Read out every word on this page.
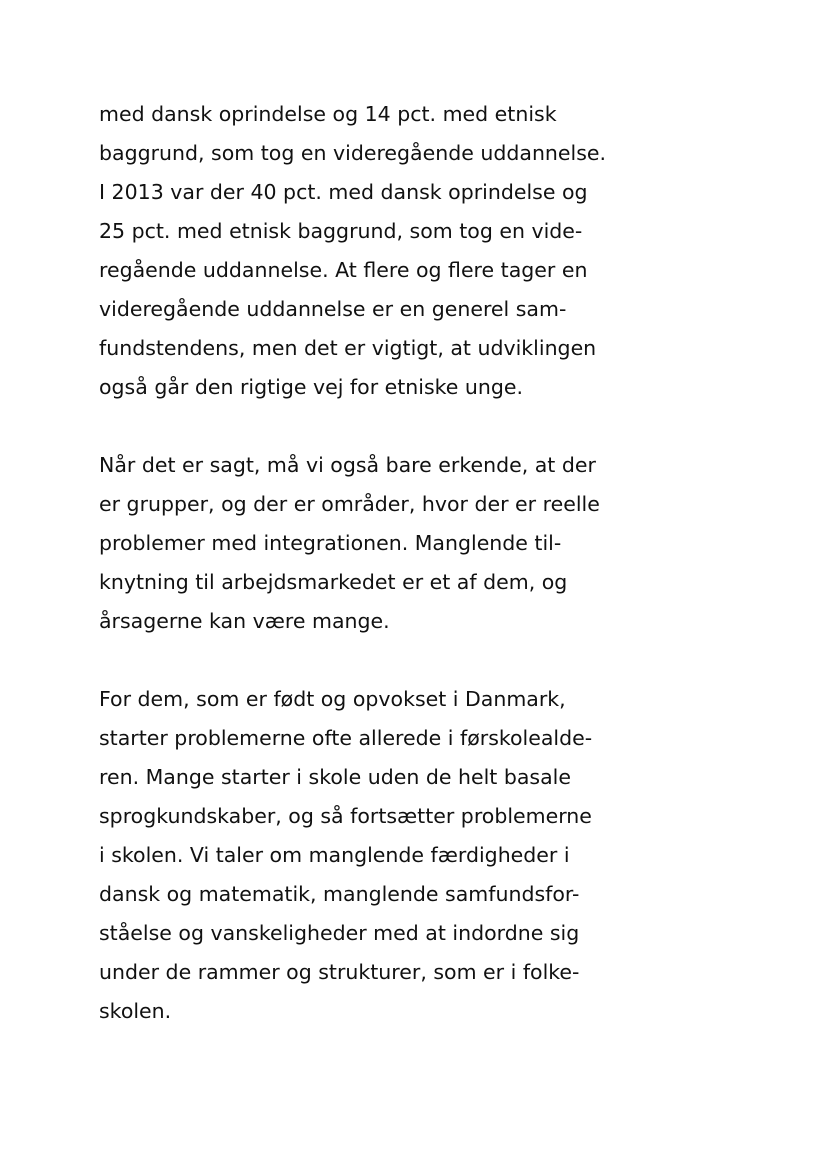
med dansk oprindelse og 14 pct. med etnisk
baggrund, som tog en videregående uddannelse.
I 2013 var der 40 pct. med dansk oprindelse og
25 pct. med etnisk baggrund, som tog en vide-
regående uddannelse. At flere og flere tager en
videregående uddannelse er en generel sam-
fundstendens, men det er vigtigt, at udviklingen
også går den rigtige vej for etniske unge.
Når det er sagt, må vi også bare erkende, at der
er grupper, og der er områder, hvor der er reelle
problemer med integrationen. Manglende til-
knytning til arbejdsmarkedet er et af dem, og
årsagerne kan være mange.
For dem, som er født og opvokset i Danmark,
starter problemerne ofte allerede i førskolealde-
ren. Mange starter i skole uden de helt basale
sprogkundskaber, og så fortsætter problemerne
i skolen. Vi taler om manglende færdigheder i
dansk og matematik, manglende samfundsfor-
ståelse og vanskeligheder med at indordne sig
under de rammer og strukturer, som er i folke-
skolen.
